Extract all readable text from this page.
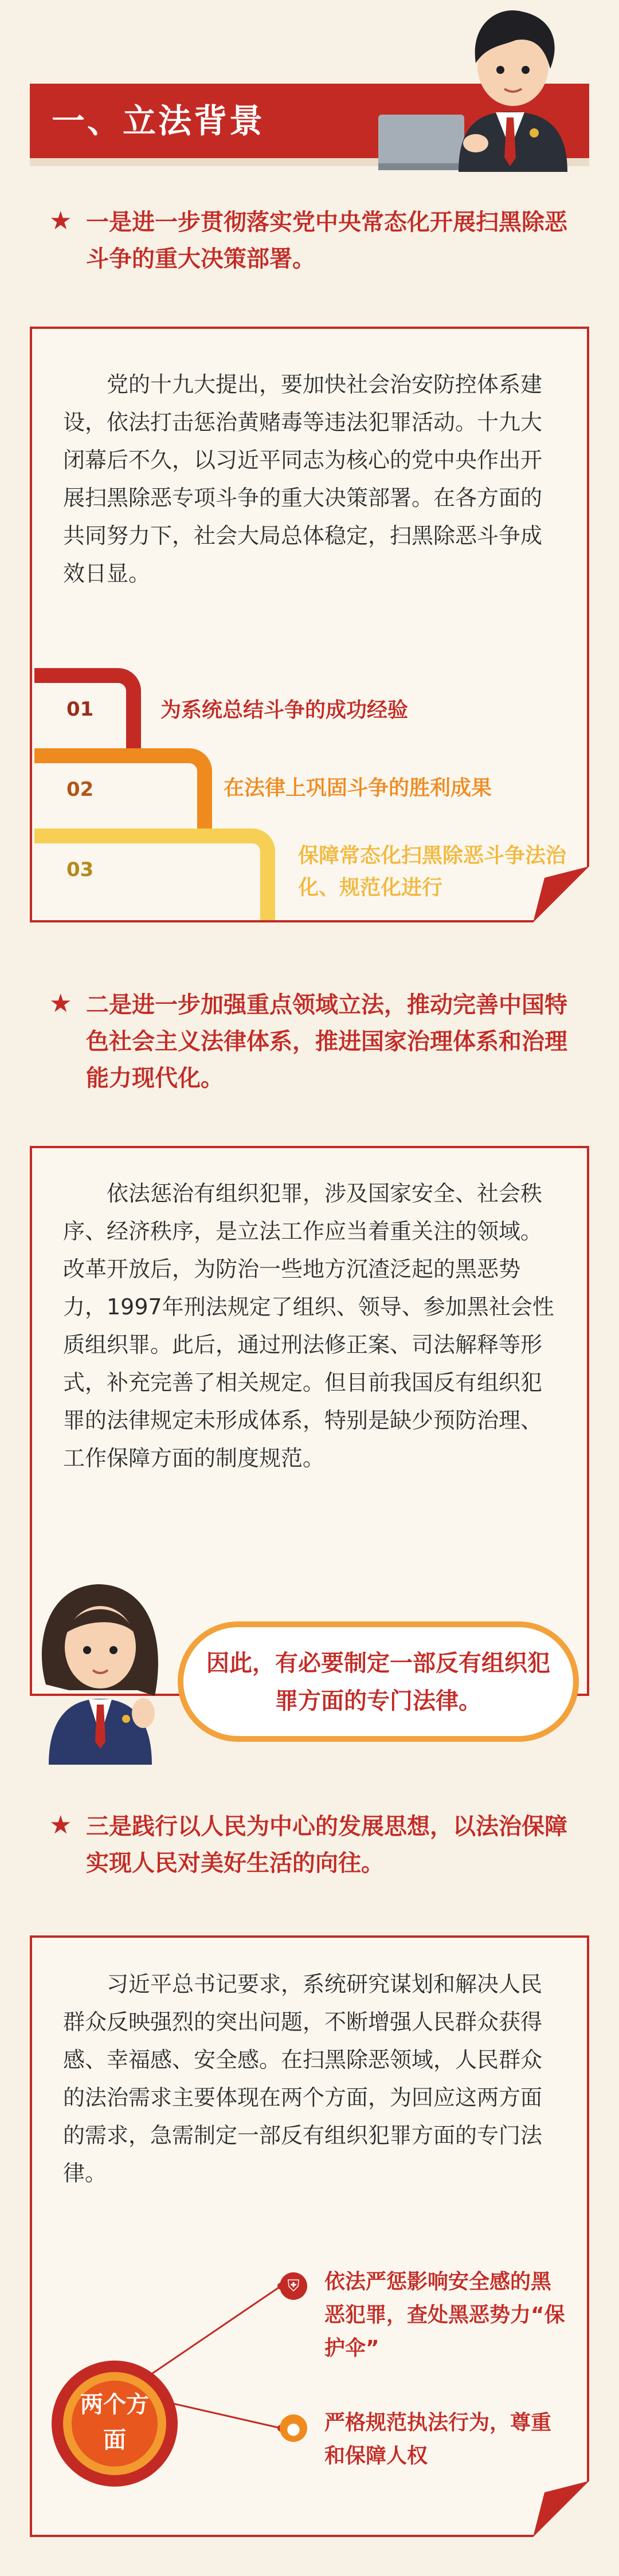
一、立法背景
★ 一是进一步贯彻落实党中央常态化开展扫黑除恶斗争的重大决策部署。
党的十九大提出，要加快社会治安防控体系建设，依法打击惩治黄赌毒等违法犯罪活动。十九大闭幕后不久，以习近平同志为核心的党中央作出开展扫黑除恶专项斗争的重大决策部署。在各方面的共同努力下，社会大局总体稳定，扫黑除恶斗争成效日显。
01
02
03
为系统总结斗争的成功经验
在法律上巩固斗争的胜利成果
保障常态化扫黑除恶斗争法治化、规范化进行
★ 二是进一步加强重点领域立法，推动完善中国特色社会主义法律体系，推进国家治理体系和治理能力现代化。
依法惩治有组织犯罪，涉及国家安全、社会秩序、经济秩序，是立法工作应当着重关注的领域。改革开放后，为防治一些地方沉渣泛起的黑恶势力，1997年刑法规定了组织、领导、参加黑社会性质组织罪。此后，通过刑法修正案、司法解释等形式，补充完善了相关规定。但目前我国反有组织犯罪的法律规定未形成体系，特别是缺少预防治理、工作保障方面的制度规范。
因此，有必要制定一部反有组织犯罪方面的专门法律。
★ 三是践行以人民为中心的发展思想，以法治保障实现人民对美好生活的向往。
习近平总书记要求，系统研究谋划和解决人民群众反映强烈的突出问题，不断增强人民群众获得感、幸福感、安全感。在扫黑除恶领域，人民群众的法治需求主要体现在两个方面，为回应这两方面的需求，急需制定一部反有组织犯罪方面的专门法律。
两个方面
⛨	依法严惩影响安全感的黑恶犯罪，查处黑恶势力“保护伞”
●	严格规范执法行为，尊重和保障人权
